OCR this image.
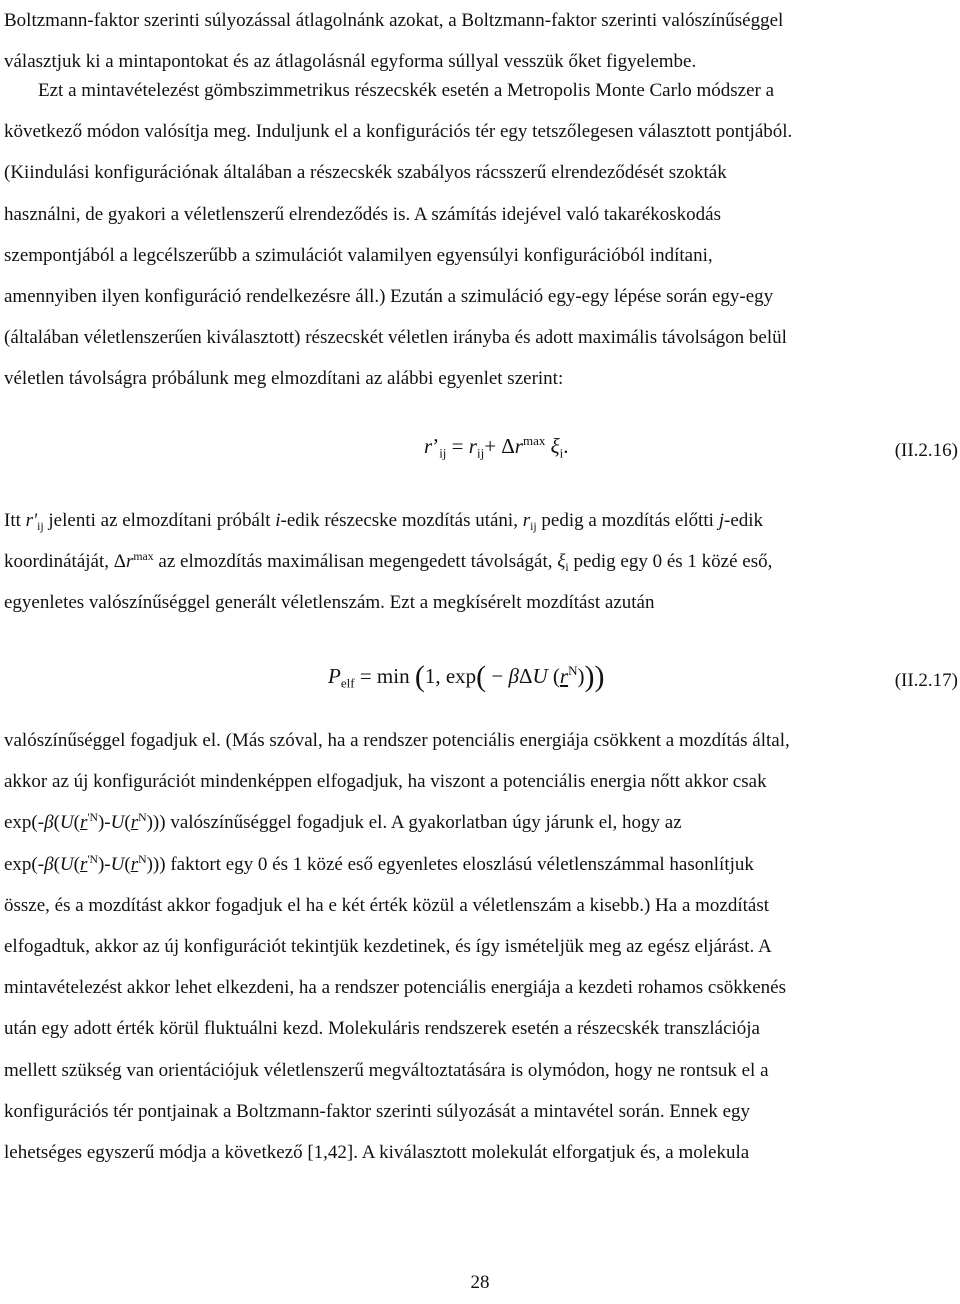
Boltzmann-faktor szerinti súlyozással átlagolnánk azokat, a Boltzmann-faktor szerinti valószínűséggel
választjuk ki a mintapontokat és az átlagolásnál egyforma súllyal vesszük őket figyelembe.

Ezt a mintavételezést gömbszimmetrikus részecskék esetén a Metropolis Monte Carlo módszer a
következő módon valósítja meg. Induljunk el a konfigurációs tér egy tetszőlegesen választott pontjából.
(Kiindulási konfigurációnak általában a részecskék szabályos rácsszerű elrendeződését szokták
használni, de gyakori a véletlenszerű elrendeződés is. A számítás idejével való takarékoskodás
szempontjából a legcélszerűbb a szimulációt valamilyen egyensúlyi konfigurációból indítani,
amennyiben ilyen konfiguráció rendelkezésre áll.) Ezután a szimuláció egy-egy lépése során egy-egy
(általában véletlenszerűen kiválasztott) részecskét véletlen irányba és adott maximális távolságon belül
véletlen távolságra próbálunk meg elmozdítani az alábbi egyenlet szerint:

$r’_{ij} = r_{ij}+ \Delta r^{max}$ $\xi_i$.	(II.2.16)

Itt $r'_{ij}$ jelenti az elmozdítani próbált i-edik részecske mozdítás utáni, $r_{ij}$ pedig a mozdítás előtti j-edik
koordinátáját, $\Delta r^{max}$ az elmozdítás maximálisan megengedett távolságát, $\xi_i$ pedig egy 0 és 1 közé eső,
egyenletes valószínűséggel generált véletlenszám. Ezt a megkísérelt mozdítást azután

$P_{elf} = \min (1$, exp( − βΔU $(r^N)$))	(II.2.17)

valószínűséggel fogadjuk el. (Más szóval, ha a rendszer potenciális energiája csökkent a mozdítás által,
akkor az új konfigurációt mindenképpen elfogadjuk, ha viszont a potenciális energia nőtt akkor csak
$\exp(-\beta(U(r^{'N})-U(r^N)))$ valószínűséggel fogadjuk el. A gyakorlatban úgy járunk el, hogy az
$\exp(-\beta(U(r^{'N})-U(r^N)))$ faktort egy 0 és 1 közé eső egyenletes eloszlású véletlenszámmal hasonlítjuk
össze, és a mozdítást akkor fogadjuk el ha e két érték közül a véletlenszám a kisebb.) Ha a mozdítást
elfogadtuk, akkor az új konfigurációt tekintjük kezdetinek, és így ismételjük meg az egész eljárást. A
mintavételezést akkor lehet elkezdeni, ha a rendszer potenciális energiája a kezdeti rohamos csökkenés
után egy adott érték körül fluktuálni kezd. Molekuláris rendszerek esetén a részecskék transzlációja
mellett szükség van orientációjuk véletlenszerű megváltoztatására is olymódon, hogy ne rontsuk el a
konfigurációs tér pontjainak a Boltzmann-faktor szerinti súlyozását a mintavétel során. Ennek egy
lehetséges egyszerű módja a következő [1,42]. A kiválasztott molekulát elforgatjuk és, a molekula

28
